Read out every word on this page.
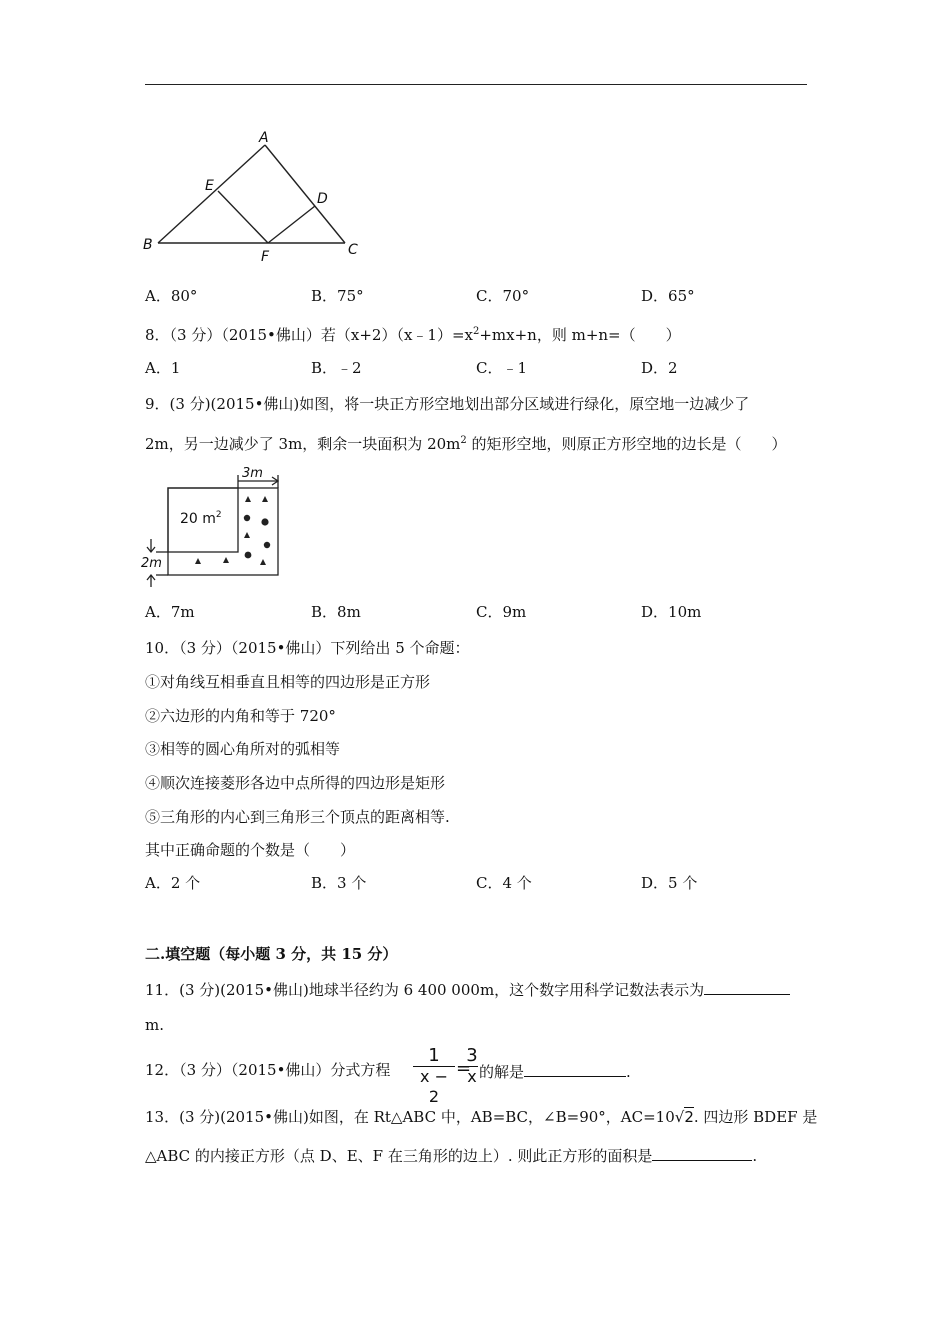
A
B	C
D
E
F
A．80°	B．75°	C．70°	D．65°
8．（3 分）（2015•佛山）若$(x+2)(x﹣1)=x^2+mx+n$，则 m+n=（　　）
A．1	B．﹣2	C．﹣1	D．2
9．(3 分)(2015•佛山)如图，将一块正方形空地划出部分区域进行绿化，原空地一边减少了
2m，另一边减少了 3m，剩余一块面积为 $20m^2$ 的矩形空地，则原正方形空地的边长是（　　）
20 $m^2$
3m
2m
A．7m	B．8m	C．9m	D．10m
10．（3 分）（2015•佛山）下列给出 5 个命题：
①对角线互相垂直且相等的四边形是正方形
②六边形的内角和等于 720°
③相等的圆心角所对的弧相等
④顺次连接菱形各边中点所得的四边形是矩形
⑤三角形的内心到三角形三个顶点的距离相等.
其中正确命题的个数是（　　）
A．2 个	B．3 个	C．4 个	D．5 个
二.填空题（每小题 3 分，共 15 分）
11．(3 分)(2015•佛山)地球半径约为 6 400 000m，这个数字用科学记数法表示为
m.
12．（3 分）（2015•佛山）分式方程
1
x − 2
=
3
x 的解是	.
13．(3 分)(2015•佛山)如图，在 Rt△ABC 中，AB=BC，∠B=90°，AC=10√2. 四边形 BDEF 是
△ABC 的内接正方形（点 D、E、F 在三角形的边上）. 则此正方形的面积是	.
